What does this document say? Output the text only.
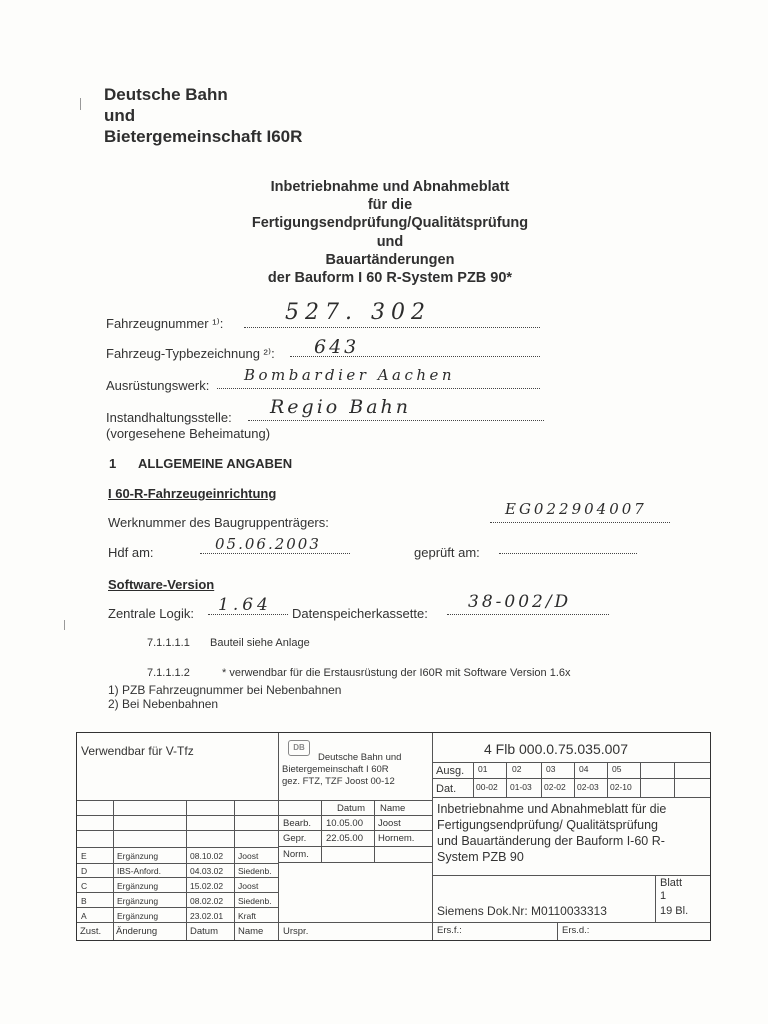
Deutsche Bahn
und
Bietergemeinschaft I60R
Inbetriebnahme und Abnahmeblatt
für die
Fertigungsendprüfung/Qualitätsprüfung
und
Bauartänderungen
der Bauform I 60 R-System PZB 90*
Fahrzeugnummer ¹⁾:	527. 302
Fahrzeug-Typbezeichnung ²⁾: 643
Ausrüstungswerk:
Bombardier Aachen
Instandhaltungsstelle: Regio Bahn
(vorgesehene Beheimatung)
1 ALLGEMEINE ANGABEN
I 60-R-Fahrzeugeinrichtung
Werknummer des Baugruppenträgers:
EG022904007
Hdf am:	05.06.2003	geprüft am:
Software-Version
Zentrale Logik: 1.64 Datenspeicherkassette:
38-002/D
7.1.1.1.1 Bauteil siehe Anlage
7.1.1.1.2	* verwendbar für die Erstausrüstung der I60R mit Software Version 1.6x
1) PZB Fahrzeugnummer bei Nebenbahnen
2) Bei Nebenbahnen
Verwendbar für V-Tfz	DB
Deutsche Bahn und
Bietergemeinschaft I 60R
gez. FTZ, TZF Joost 00-12
4 Flb 000.0.75.035.007
Ausg. 01	02	03	04	05
Dat. 00-02 01-03 02-02 02-03 02-10
Datum Name
Bearb. 10.05.00 Joost
Gepr. 22.05.00 Hornem.
Norm.
Inbetriebnahme und Abnahmeblatt für die
Fertigungsendprüfung/ Qualitätsprüfung
und Bauartänderung der Bauform I-60 R-
System PZB 90
E	Ergänzung	08.10.02 Joost
D	IBS-Anford.	04.03.02 Siedenb.
C	Ergänzung	15.02.02 Joost
B	Ergänzung	08.02.02 Siedenb.
A	Ergänzung	23.02.01 Kraft
Zust. Änderung	Datum Name Urspr.
Siemens Dok.Nr: M0110033313
Blatt
1
19 Bl.
Ers.f.:	Ers.d.:
